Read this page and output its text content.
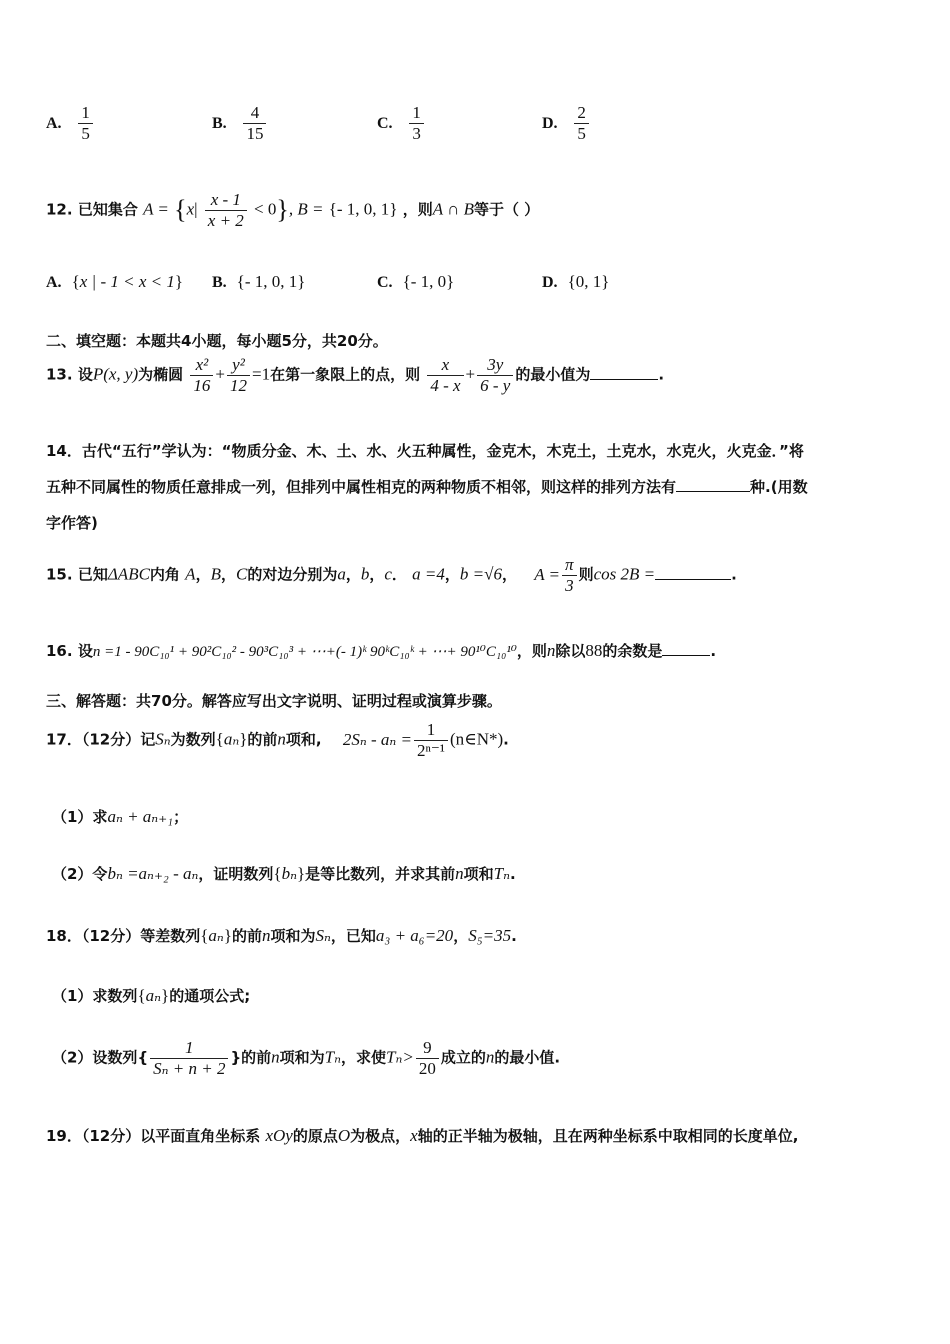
A. $\frac{1}{5}$	B. $\frac{4}{15}$	C. $\frac{1}{3}$	D. $\frac{2}{5}$
12. 已知集合 $A = \{x| \frac{x - 1}{x + 2} < 0\}$, B = {- 1, 0, 1} ，则A ∩ B等于（ ）
A. {x | - 1 < x < 1} B. {- 1, 0, 1}	C. {- 1, 0}	D. {0, 1}
二、填空题：本题共4小题，每小题5分，共20分。
13. 设P(x, y)为椭圆 $\frac{\text{x²}}{16} + \frac{\text{y²}}{12} =1$在第一象限上的点，则 $\frac{x}{4 - x} + \frac{3y}{6 - y}$ 的最小值为	.
14．古代“五行”学认为：“物质分金、木、土、水、火五种属性，金克木，木克土，土克水，水克火，火克金．”将
五种不同属性的物质任意排成一列，但排列中属性相克的两种物质不相邻，则这样的排列方法有	种.(用数
字作答)
15. 已知ΔABC内角 A，B，C的对边分别为a，b，c． a =4，b =√6， $A = \frac{\pi}{3}$ 则cos 2B =	.
16. 设n =1 - 90C₁₀¹ + 90²C₁₀² - 90³C₁₀³ + ⋯+(- 1)ᵏ 90ᵏC₁₀ᵏ + ⋯+ 90¹⁰C₁₀¹⁰，则n除以88的余数是	.
三、解答题：共70分。解答应写出文字说明、证明过程或演算步骤。
17．（12分）记Sₙ为数列{aₙ}的前n项和, $2S_n - a_n = \frac{1}{\text{2ⁿ⁻¹}}$ (n∈N*).
（1）求aₙ + aₙ₊₁；
（2）令bₙ =aₙ₊₂ - aₙ，证明数列{bₙ}是等比数列，并求其前n项和Tₙ.
18．（12分）等差数列{aₙ}的前n项和为Sₙ，已知a₃ + a₆=20，S₅=35.
（1）求数列{aₙ}的通项公式;
（2）设数列{ $\frac{1}{\text{Sₙ + n + 2}}$ }的前n项和为Tₙ，求使$T_n> \frac{9}{20}$ 成立的n的最小值.
19．（12分）以平面直角坐标系 xOy的原点O为极点，x轴的正半轴为极轴，且在两种坐标系中取相同的长度单位,
